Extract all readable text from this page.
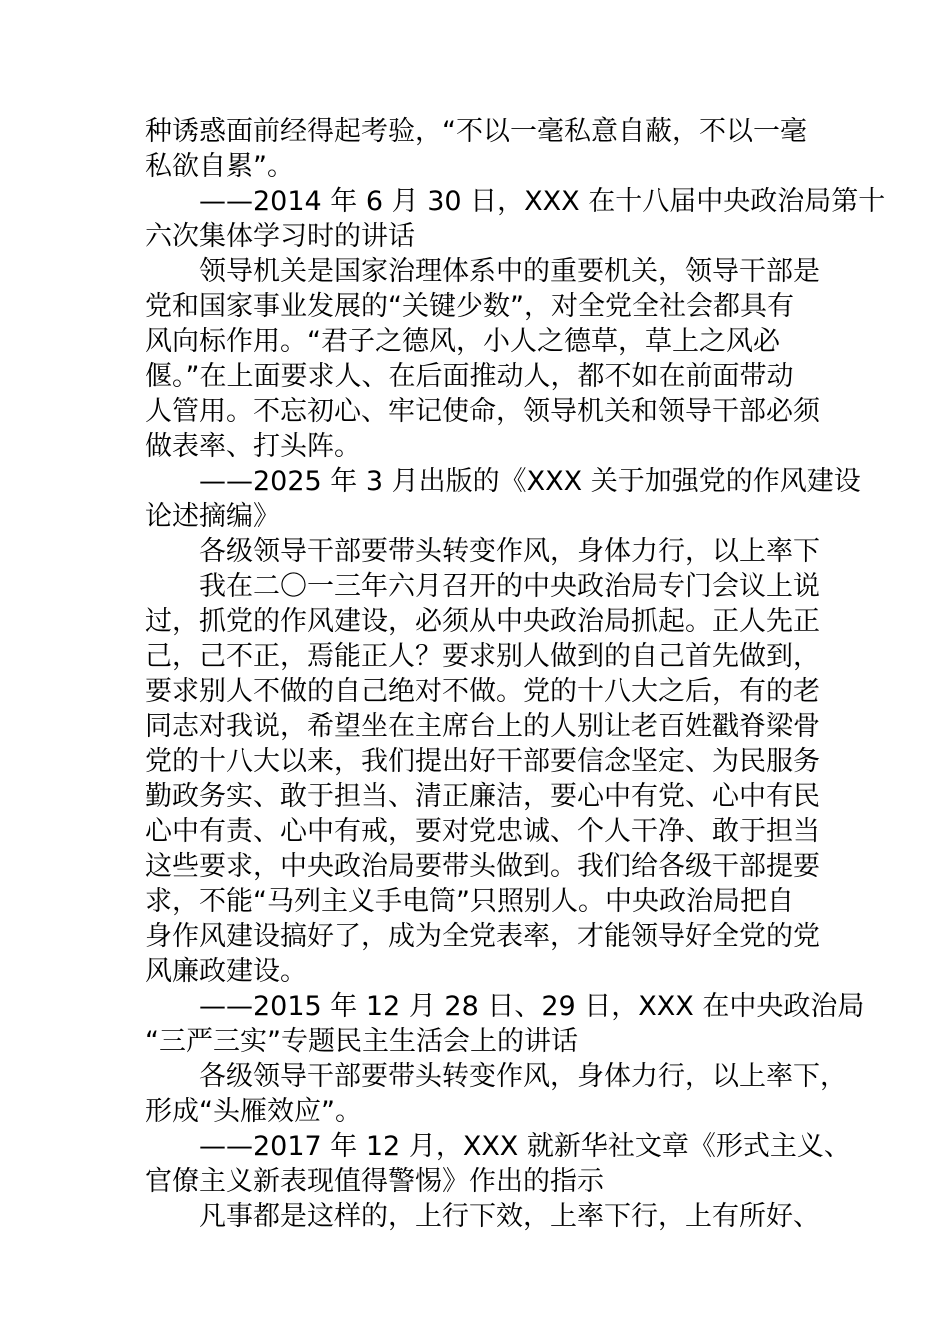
种诱惑面前经得起考验，“不以一毫私意自蔽，不以一毫
私欲自累”。
——2014 年 6 月 30 日，XXX 在十八届中央政治局第十
六次集体学习时的讲话
领导机关是国家治理体系中的重要机关，领导干部是
党和国家事业发展的“关键少数”，对全党全社会都具有
风向标作用。“君子之德风，小人之德草，草上之风必
偃。”在上面要求人、在后面推动人，都不如在前面带动
人管用。不忘初心、牢记使命，领导机关和领导干部必须
做表率、打头阵。
——2025 年 3 月出版的《XXX 关于加强党的作风建设
论述摘编》
各级领导干部要带头转变作风，身体力行，以上率下
我在二〇一三年六月召开的中央政治局专门会议上说
过，抓党的作风建设，必须从中央政治局抓起。正人先正
己，己不正，焉能正人？要求别人做到的自己首先做到，
要求别人不做的自己绝对不做。党的十八大之后，有的老
同志对我说，希望坐在主席台上的人别让老百姓戳脊梁骨
党的十八大以来，我们提出好干部要信念坚定、为民服务
勤政务实、敢于担当、清正廉洁，要心中有党、心中有民
心中有责、心中有戒，要对党忠诚、个人干净、敢于担当
这些要求，中央政治局要带头做到。我们给各级干部提要
求，不能“马列主义手电筒”只照别人。中央政治局把自
身作风建设搞好了，成为全党表率，才能领导好全党的党
风廉政建设。
——2015 年 12 月 28 日、29 日，XXX 在中央政治局
“三严三实”专题民主生活会上的讲话
各级领导干部要带头转变作风，身体力行，以上率下，
形成“头雁效应”。
——2017 年 12 月，XXX 就新华社文章《形式主义、
官僚主义新表现值得警惕》作出的指示
凡事都是这样的，上行下效，上率下行，上有所好、
